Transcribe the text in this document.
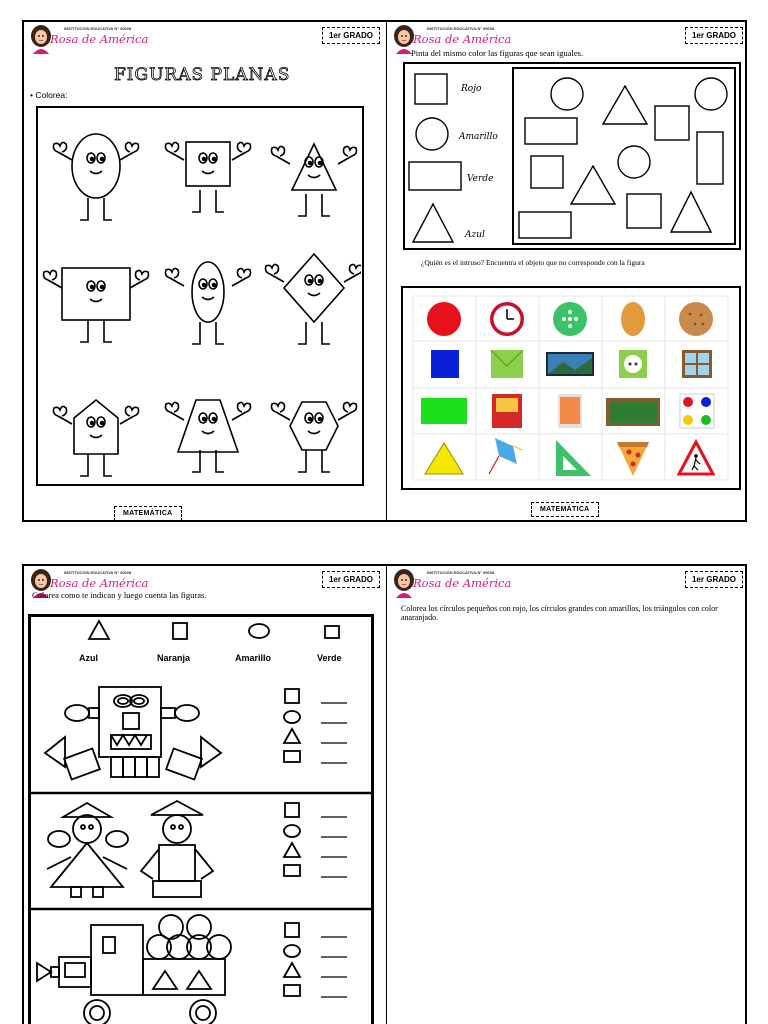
INSTITUCIÓN EDUCATIVA N° 30008
Rosa de América	1er GRADO
FIGURAS PLANAS
• Colorea:
MATEMÁTICA
INSTITUCIÓN EDUCATIVA N° 30008
Rosa de América	1er GRADO
Pinta del mismo color las figuras que sean iguales.
Rojo
Amarillo
Verde
Azul
¿Quién es el intruso? Encuentra el objeto que no corresponde con la figura
MATEMÁTICA
INSTITUCIÓN EDUCATIVA N° 30008
Rosa de América	1er GRADO
Colorea como te indican y luego cuenta las figuras.
Azul	Naranja	Amarillo	Verde
INSTITUCIÓN EDUCATIVA N° 30008
Rosa de América	1er GRADO
Colorea los círculos pequeños con rojo, los círculos grandes con amarillos, los triángulos con color anaranjado.
